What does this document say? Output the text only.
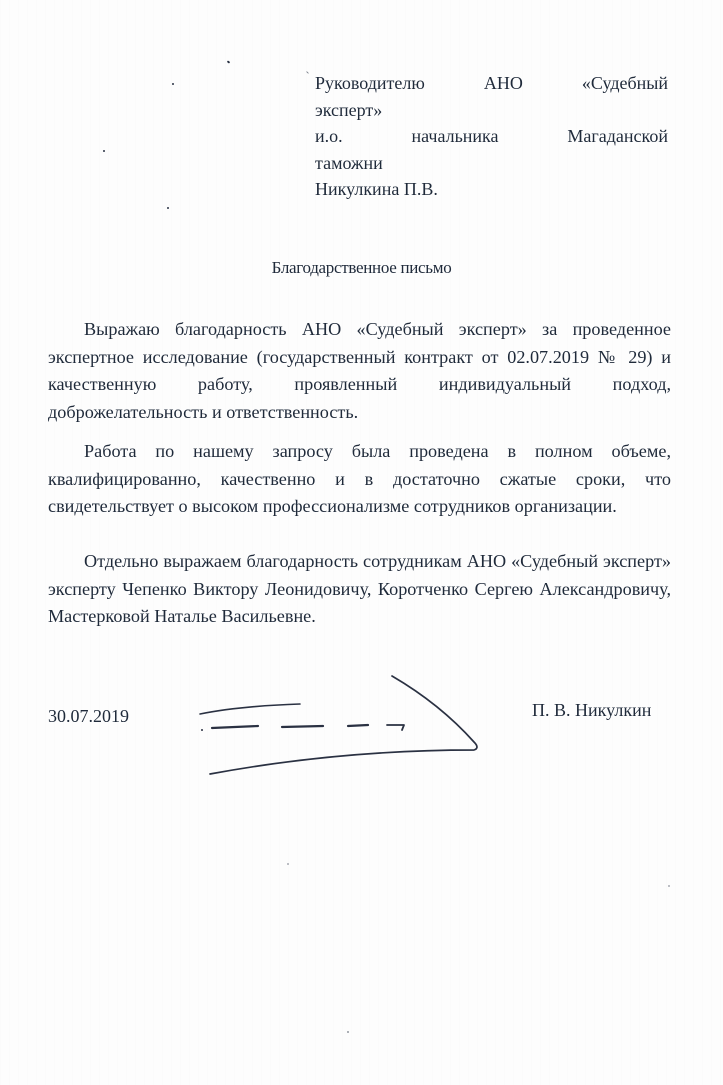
Руководителю	АНО	«Судебный
эксперт»
и.о.	начальника	Магаданской
таможни
Никулкина П.В.
Благодарственное письмо

Выражаю благодарность АНО «Судебный эксперт» за проведенное экспертное исследование (государственный контракт от 02.07.2019 № 29) и качественную работу, проявленный индивидуальный подход, доброжелательность и ответственность.

Работа по нашему запросу была проведена в полном объеме, квалифицированно, качественно и в достаточно сжатые сроки, что свидетельствует о высоком профессионализме сотрудников организации.

Отдельно выражаем благодарность сотрудникам АНО «Судебный эксперт» эксперту Чепенко Виктору Леонидовичу, Коротченко Сергею Александровичу, Мастерковой Наталье Васильевне.

30.07.2019	П. В. Никулкин
